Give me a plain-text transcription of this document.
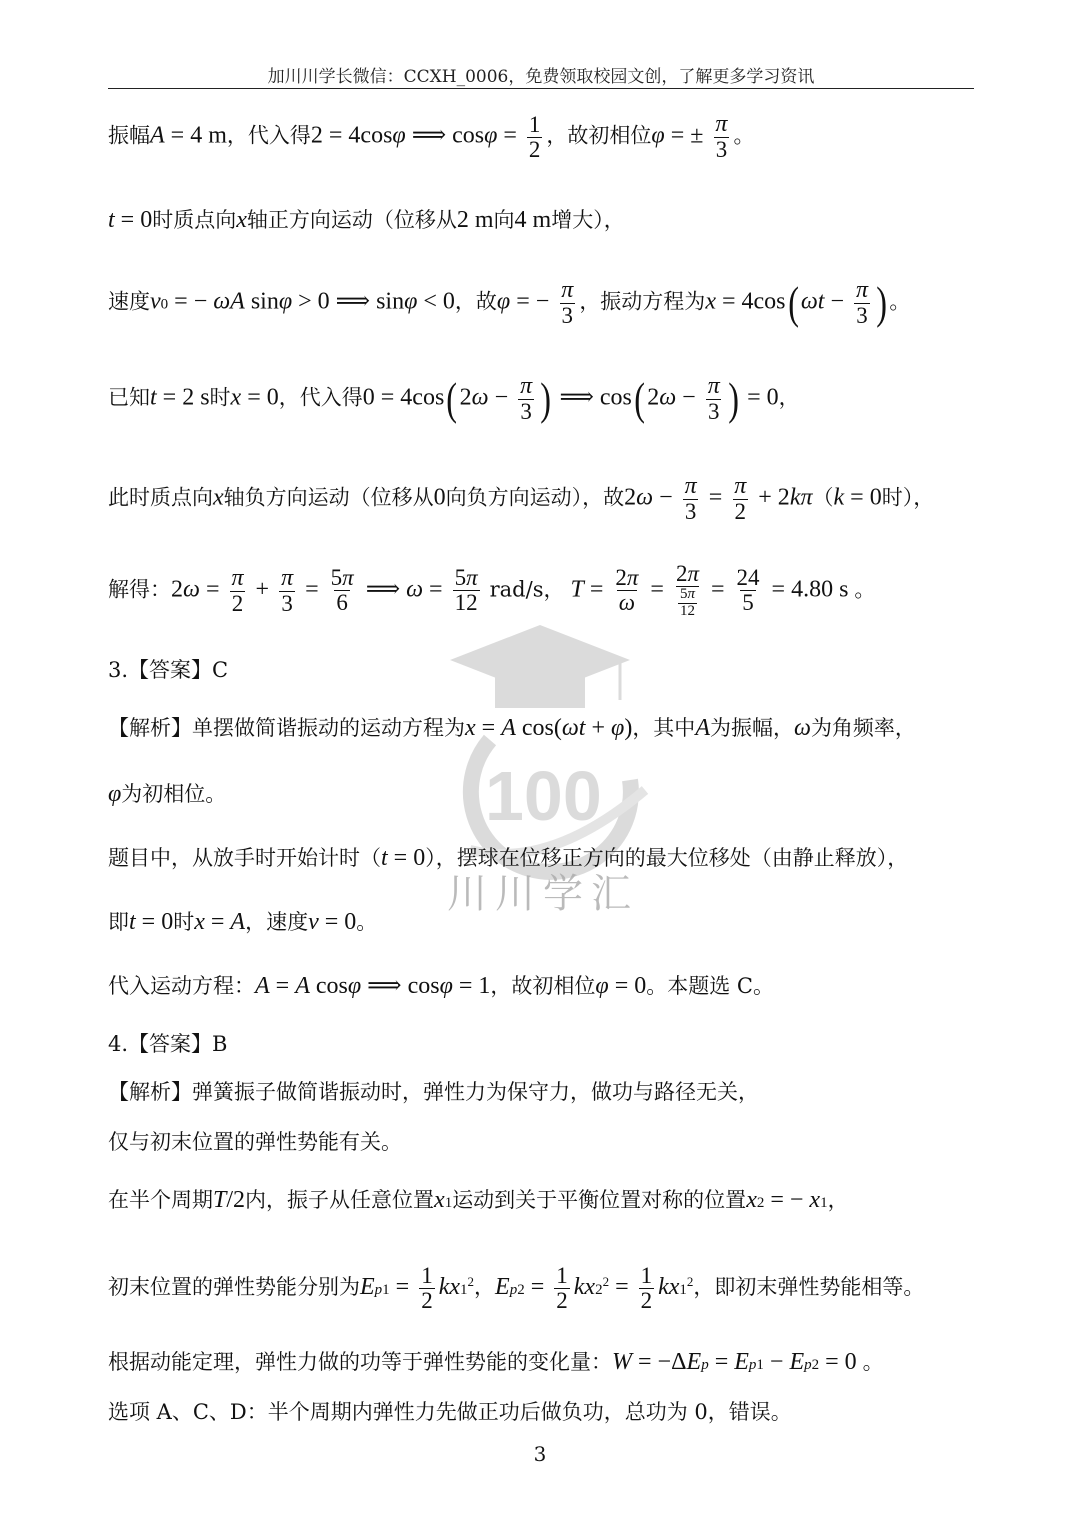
加川川学长微信：CCXH_0006，免费领取校园文创，了解更多学习资讯
100
川川学汇
振幅A = 4 m，代入得2 = 4cosφ ⟹ $\cos\varphi = \frac{1}{2}$ ，故初相位φ = ± $\frac{\pi}{3}$ 。
t = 0时质点向x轴正方向运动（位移从2 m向4 m增大），
速度v0 = − ωA sinφ > 0 ⟹ sinφ < 0，故φ = − $\frac{\pi}{3}$ ，振动方程为$x = 4\cos(\omega t - \frac{\pi}{3}$ ) 。
已知t = 2 s时x = 0，代入得$0 = 4\cos(2\omega - \frac{\pi}{3}$ ) ⟹ $\cos(2\omega - \frac{\pi}{3}$ ) = 0，
此时质点向x轴负方向运动（位移从0向负方向运动），故$2\omega - \frac{\pi}{3} = \frac{\pi}{2} + 2k\pi(k = 0$时），
解得：$2\omega = \frac{\pi}{2} + \frac{\pi}{3} = \frac{5\pi}{6}$ ⟹ $\omega = \frac{5\pi}{12} rad/s$， $T = \frac{2\pi}{\omega} = \frac{2\pi}{\frac{5\pi}{12}} = \frac{24}{5} = 4.80$ s 。
3.【答案】C
【解析】单摆做简谐振动的运动方程为x = A cos(ωt + φ)，其中A为振幅，ω为角频率，
φ为初相位。
题目中，从放手时开始计时（t = 0），摆球在位移正方向的最大位移处（由静止释放），
即t = 0时x = A，速度v = 0。
代入运动方程：A = A cosφ ⟹ cosφ = 1，故初相位φ = 0。本题选 C。
4.【答案】B
【解析】弹簧振子做简谐振动时，弹性力为保守力，做功与路径无关，
仅与初末位置的弹性势能有关。
在半个周期T/2内，振子从任意位置x1运动到关于平衡位置对称的位置x2 = − x1，
初末位置的弹性势能分别为$Ep1 = \frac{1}{2} kx1^2$，$Ep2 = \frac{1}{2} kx2^2 = \frac{1}{2} kx1^2$，即初末弹性势能相等。
根据动能定理，弹性力做的功等于弹性势能的变化量：W = −ΔEp = Ep1 − Ep2 = 0 。
选项 A、C、D：半个周期内弹性力先做正功后做负功，总功为 0，错误。
3
